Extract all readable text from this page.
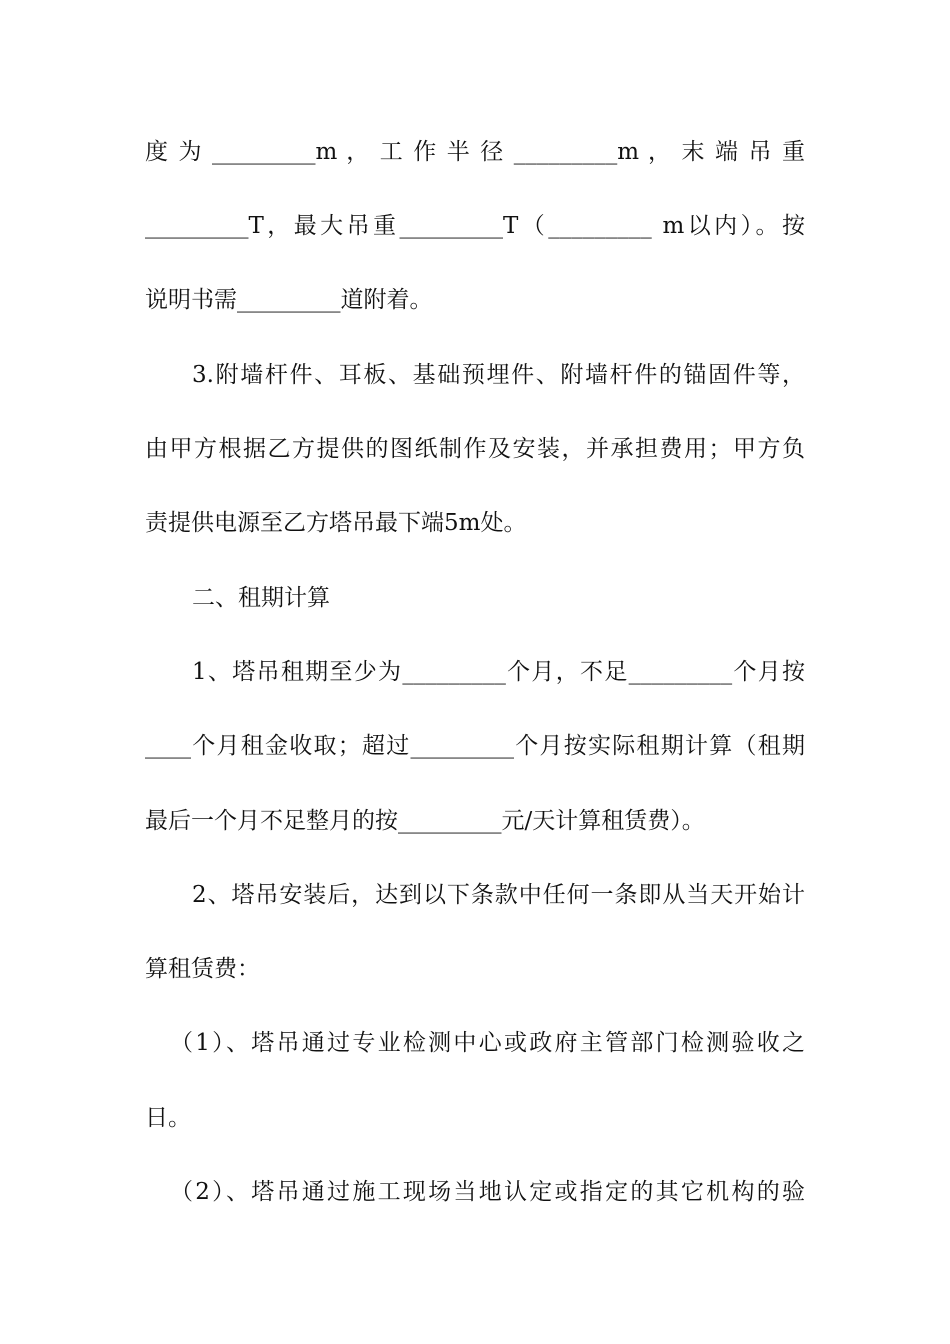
度 为 _________m ， 工 作 半 径 _________m ， 末 端 吊 重
_________T，最大吊重_________T（_________ m以内）。按
说明书需_________道附着。
3.附墙杆件、耳板、基础预埋件、附墙杆件的锚固件等，
由甲方根据乙方提供的图纸制作及安装，并承担费用；甲方负
责提供电源至乙方塔吊最下端5m处。
二、租期计算
1、塔吊租期至少为_________个月，不足_________个月按
____个月租金收取；超过_________个月按实际租期计算（租期
最后一个月不足整月的按_________元/天计算租赁费）。
2、塔吊安装后，达到以下条款中任何一条即从当天开始计
算租赁费：
（1）、塔吊通过专业检测中心或政府主管部门检测验收之
日。
（2）、塔吊通过施工现场当地认定或指定的其它机构的验
